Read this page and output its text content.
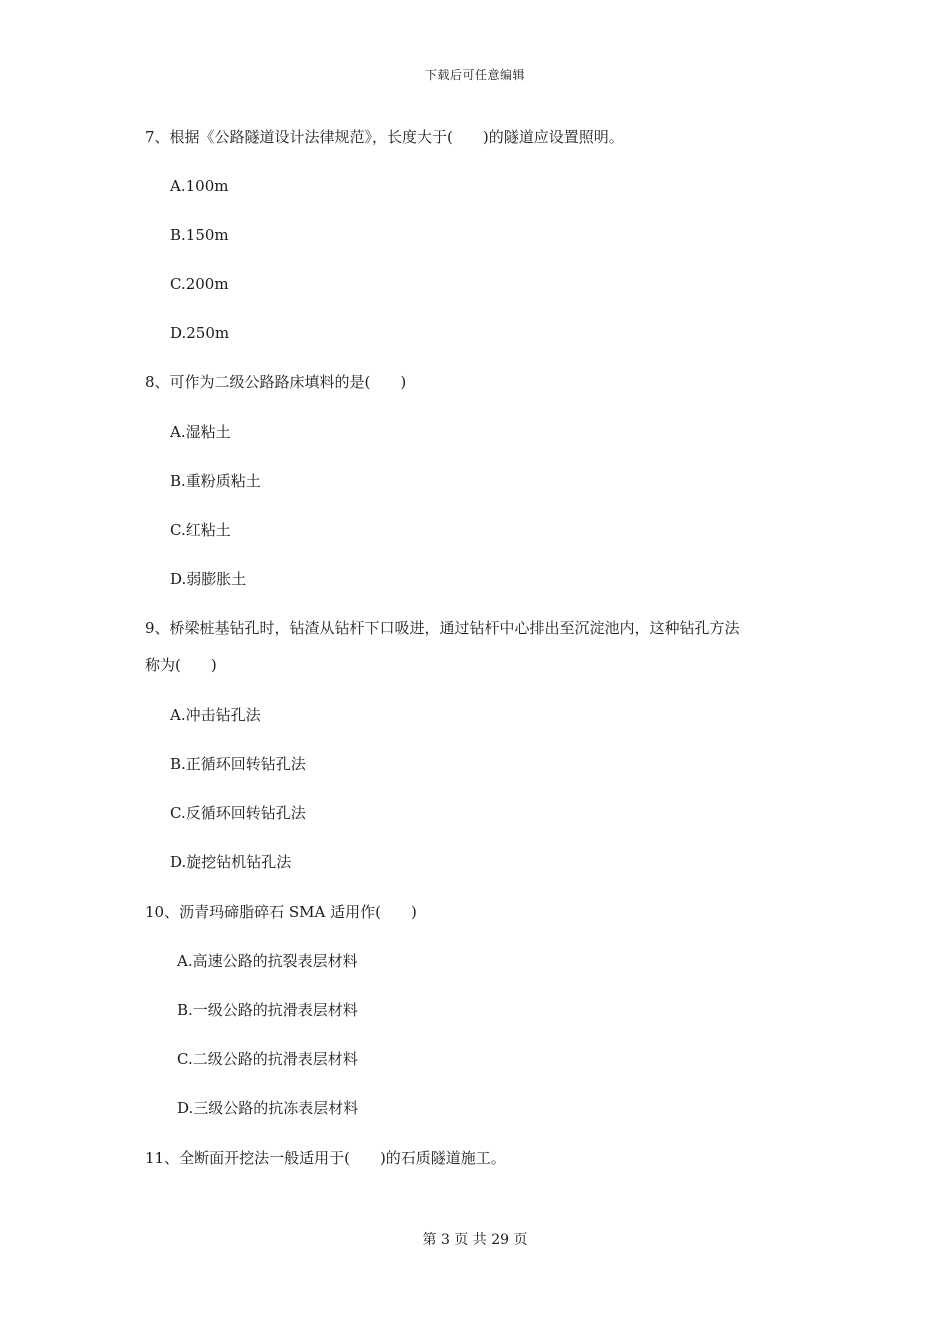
下载后可任意编辑
7、根据《公路隧道设计法律规范》，长度大于(　　)的隧道应设置照明。
A.100m
B.150m
C.200m
D.250m
8、可作为二级公路路床填料的是(　　)
A.湿粘土
B.重粉质粘土
C.红粘土
D.弱膨胀土
9、桥梁桩基钻孔时，钻渣从钻杆下口吸进，通过钻杆中心排出至沉淀池内，这种钻孔方法
称为(　　)
A.冲击钻孔法
B.正循环回转钻孔法
C.反循环回转钻孔法
D.旋挖钻机钻孔法
10、沥青玛碲脂碎石 SMA 适用作(　　)
A.高速公路的抗裂表层材料
B.一级公路的抗滑表层材料
C.二级公路的抗滑表层材料
D.三级公路的抗冻表层材料
11、全断面开挖法一般适用于(　　)的石质隧道施工。
第 3 页 共 29 页
